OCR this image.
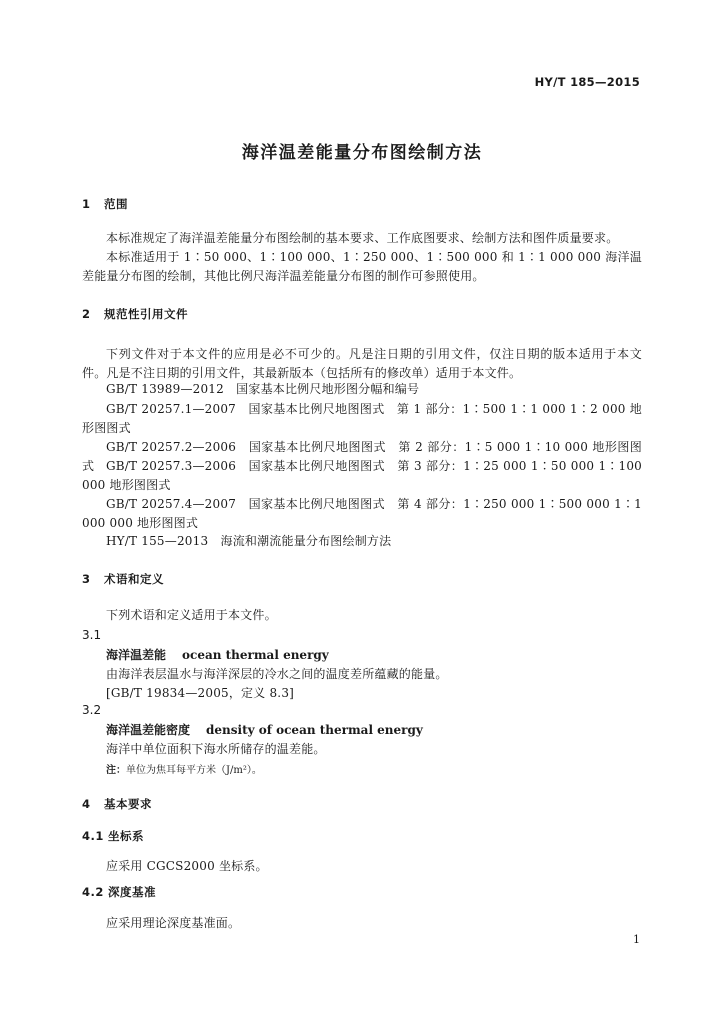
HY/T 185—2015
海洋温差能量分布图绘制方法
1 范围
本标准规定了海洋温差能量分布图绘制的基本要求、工作底图要求、绘制方法和图件质量要求。
本标准适用于 1∶50 000、1∶100 000、1∶250 000、1∶500 000 和 1∶1 000 000 海洋温差能量分布图的绘制，其他比例尺海洋温差能量分布图的制作可参照使用。
2 规范性引用文件
下列文件对于本文件的应用是必不可少的。凡是注日期的引用文件，仅注日期的版本适用于本文件。凡是不注日期的引用文件，其最新版本（包括所有的修改单）适用于本文件。
GB/T 13989—2012　国家基本比例尺地形图分幅和编号
GB/T 20257.1—2007　国家基本比例尺地图图式　第 1 部分：1∶500 1∶1 000 1∶2 000 地形图图式
GB/T 20257.2—2006　国家基本比例尺地图图式　第 2 部分：1∶5 000 1∶10 000 地形图图式 GB/T 20257.3—2006　国家基本比例尺地图图式　第 3 部分：1∶25 000 1∶50 000 1∶100 000 地形图图式
GB/T 20257.4—2007　国家基本比例尺地图图式　第 4 部分：1∶250 000 1∶500 000 1∶1 000 000 地形图图式
HY/T 155—2013　海流和潮流能量分布图绘制方法
3 术语和定义
下列术语和定义适用于本文件。
3.1
海洋温差能 ocean thermal energy
由海洋表层温水与海洋深层的冷水之间的温度差所蕴藏的能量。
[GB/T 19834—2005，定义 8.3]
3.2
海洋温差能密度 density of ocean thermal energy
海洋中单位面积下海水所储存的温差能。
注：单位为焦耳每平方米（J/m²）。
4 基本要求
4.1 坐标系
应采用 CGCS2000 坐标系。
4.2 深度基准
应采用理论深度基准面。
1
